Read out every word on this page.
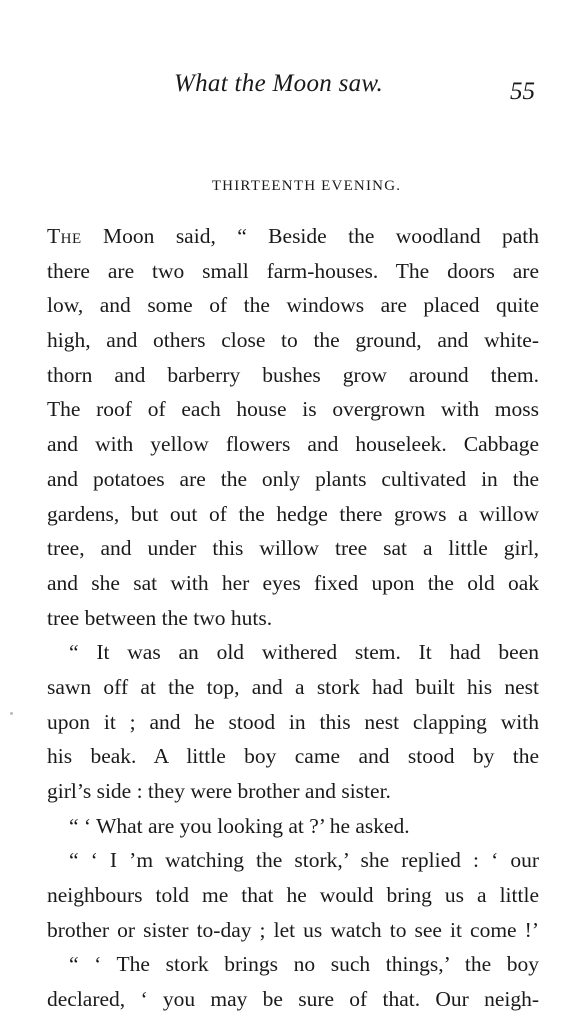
What the Moon saw.	55
THIRTEENTH EVENING.
The Moon said, “ Beside the woodland path
there are two small farm-houses. The doors are
low, and some of the windows are placed quite
high, and others close to the ground, and white-
thorn and barberry bushes grow around them.
The roof of each house is overgrown with moss
and with yellow flowers and houseleek. Cabbage
and potatoes are the only plants cultivated in the
gardens, but out of the hedge there grows a willow
tree, and under this willow tree sat a little girl,
and she sat with her eyes fixed upon the old oak
tree between the two huts.
“ It was an old withered stem. It had been
sawn off at the top, and a stork had built his nest
upon it ; and he stood in this nest clapping with
his beak. A little boy came and stood by the
girl’s side : they were brother and sister.
“ ‘ What are you looking at ?’ he asked.
“ ‘ I ’m watching the stork,’ she replied : ‘ our
neighbours told me that he would bring us a little
brother or sister to-day ; let us watch to see it come !’
“ ‘ The stork brings no such things,’ the boy
declared, ‘ you may be sure of that. Our neigh-
